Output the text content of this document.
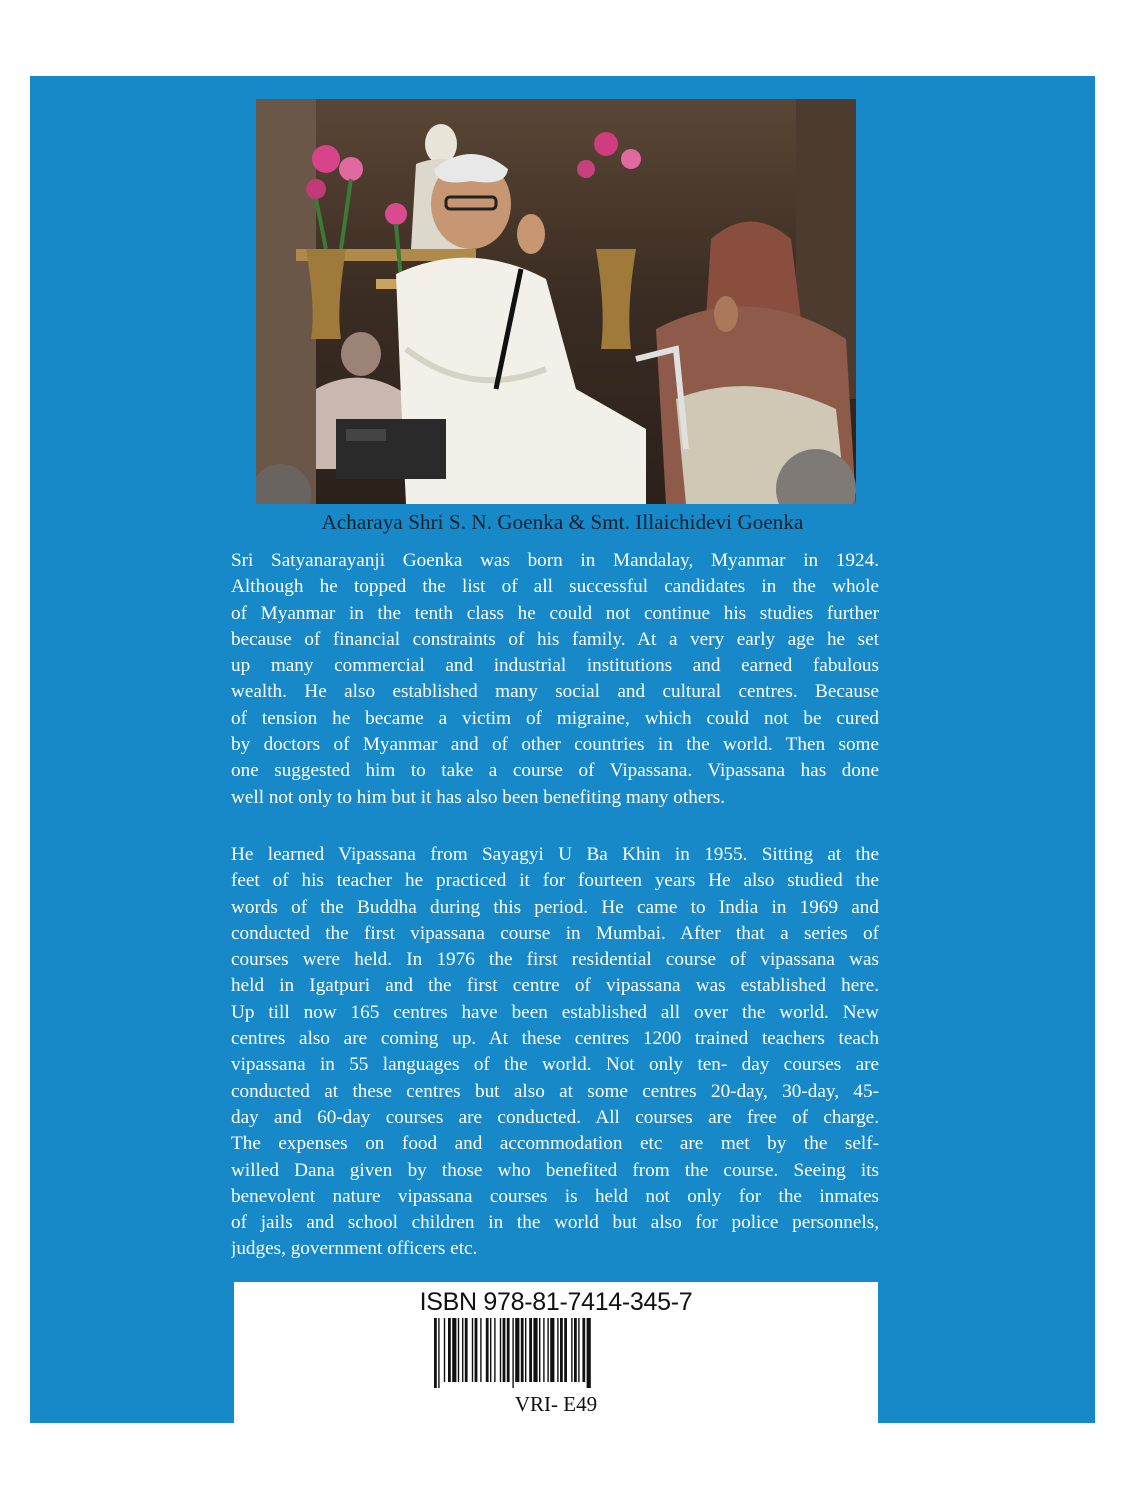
Acharaya Shri S. N. Goenka & Smt. Illaichidevi Goenka
Sri Satyanarayanji Goenka was born in Mandalay, Myanmar in 1924.
Although he topped the list of all successful candidates in the whole
of Myanmar in the tenth class he could not continue his studies further
because of financial constraints of his family. At a very early age he set
up many commercial and industrial institutions and earned fabulous
wealth. He also established many social and cultural centres. Because
of tension he became a victim of migraine, which could not be cured
by doctors of Myanmar and of other countries in the world. Then some
one suggested him to take a course of Vipassana. Vipassana has done
well not only to him but it has also been benefiting many others.
He learned Vipassana from Sayagyi U Ba Khin in 1955. Sitting at the
feet of his teacher he practiced it for fourteen years He also studied the
words of the Buddha during this period. He came to India in 1969 and
conducted the first vipassana course in Mumbai. After that a series of
courses were held. In 1976 the first residential course of vipassana was
held in Igatpuri and the first centre of vipassana was established here.
Up till now 165 centres have been established all over the world. New
centres also are coming up. At these centres 1200 trained teachers teach
vipassana in 55 languages of the world. Not only ten- day courses are
conducted at these centres but also at some centres 20-day, 30-day, 45-
day and 60-day courses are conducted. All courses are free of charge.
The expenses on food and accommodation etc are met by the self-
willed Dana given by those who benefited from the course. Seeing its
benevolent nature vipassana courses is held not only for the inmates
of jails and school children in the world but also for police personnels,
judges, government officers etc.
ISBN 978-81-7414-345-7
VRI- E49
